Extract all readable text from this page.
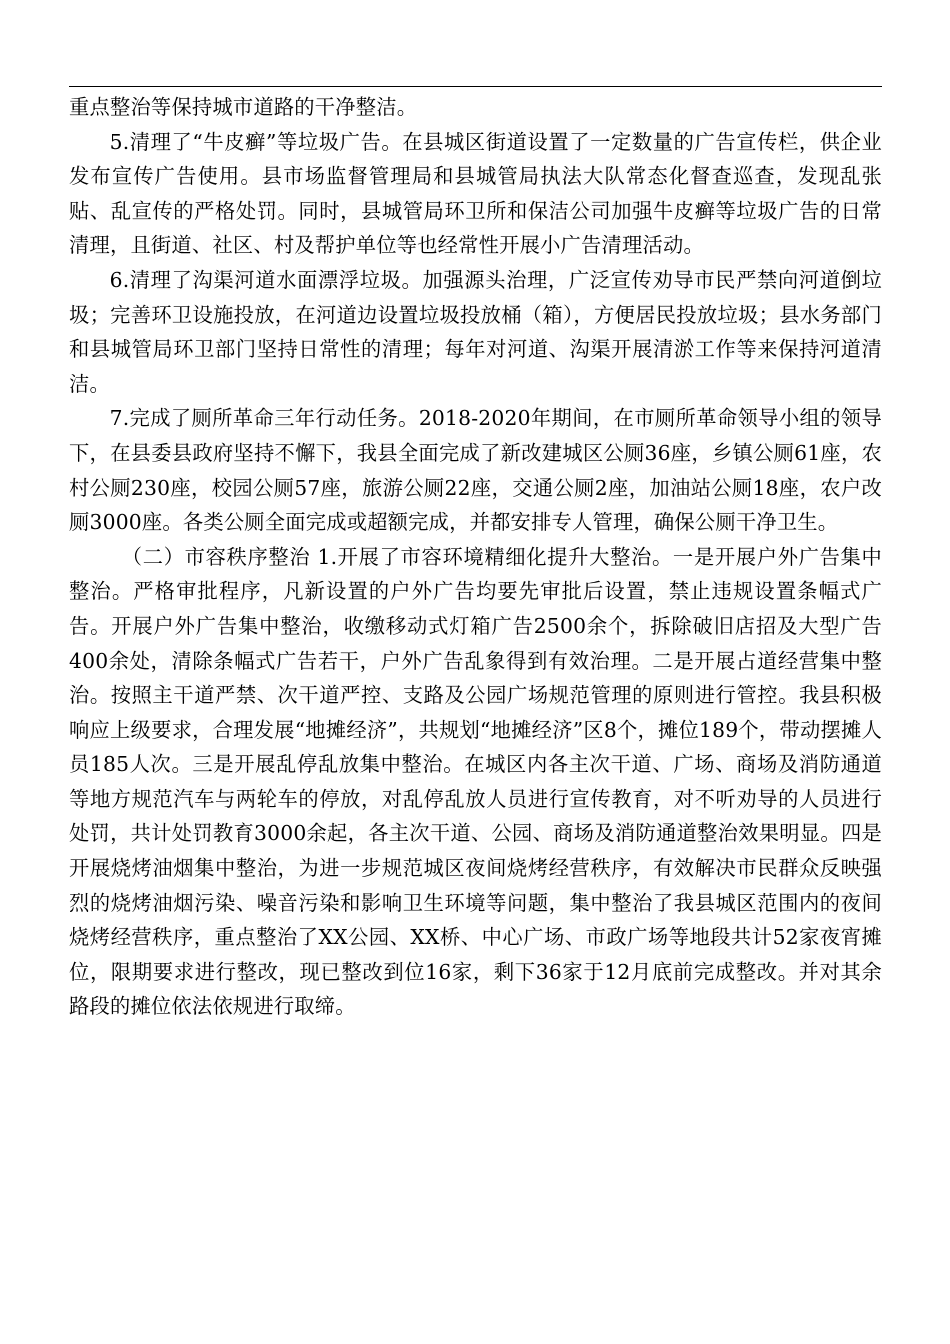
重点整治等保持城市道路的干净整洁。

5.清理了“牛皮癣”等垃圾广告。在县城区街道设置了一定数量的广告宣传栏，供企业发布宣传广告使用。县市场监督管理局和县城管局执法大队常态化督查巡查，发现乱张贴、乱宣传的严格处罚。同时，县城管局环卫所和保洁公司加强牛皮癣等垃圾广告的日常清理，且街道、社区、村及帮护单位等也经常性开展小广告清理活动。

6.清理了沟渠河道水面漂浮垃圾。加强源头治理，广泛宣传劝导市民严禁向河道倒垃圾；完善环卫设施投放，在河道边设置垃圾投放桶（箱），方便居民投放垃圾；县水务部门和县城管局环卫部门坚持日常性的清理；每年对河道、沟渠开展清淤工作等来保持河道清洁。

7.完成了厕所革命三年行动任务。2018-2020年期间，在市厕所革命领导小组的领导下，在县委县政府坚持不懈下，我县全面完成了新改建城区公厕36座，乡镇公厕61座，农村公厕230座，校园公厕57座，旅游公厕22座，交通公厕2座，加油站公厕18座，农户改厕3000座。各类公厕全面完成或超额完成，并都安排专人管理，确保公厕干净卫生。

（二）市容秩序整治 1.开展了市容环境精细化提升大整治。一是开展户外广告集中整治。严格审批程序，凡新设置的户外广告均要先审批后设置，禁止违规设置条幅式广告。开展户外广告集中整治，收缴移动式灯箱广告2500余个，拆除破旧店招及大型广告400余处，清除条幅式广告若干，户外广告乱象得到有效治理。二是开展占道经营集中整治。按照主干道严禁、次干道严控、支路及公园广场规范管理的原则进行管控。我县积极响应上级要求，合理发展“地摊经济”，共规划“地摊经济”区8个，摊位189个，带动摆摊人员185人次。三是开展乱停乱放集中整治。在城区内各主次干道、广场、商场及消防通道等地方规范汽车与两轮车的停放，对乱停乱放人员进行宣传教育，对不听劝导的人员进行处罚，共计处罚教育3000余起，各主次干道、公园、商场及消防通道整治效果明显。四是开展烧烤油烟集中整治，为进一步规范城区夜间烧烤经营秩序，有效解决市民群众反映强烈的烧烤油烟污染、噪音污染和影响卫生环境等问题，集中整治了我县城区范围内的夜间烧烤经营秩序，重点整治了XX公园、XX桥、中心广场、市政广场等地段共计52家夜宵摊位，限期要求进行整改，现已整改到位16家，剩下36家于12月底前完成整改。并对其余路段的摊位依法依规进行取缔。
